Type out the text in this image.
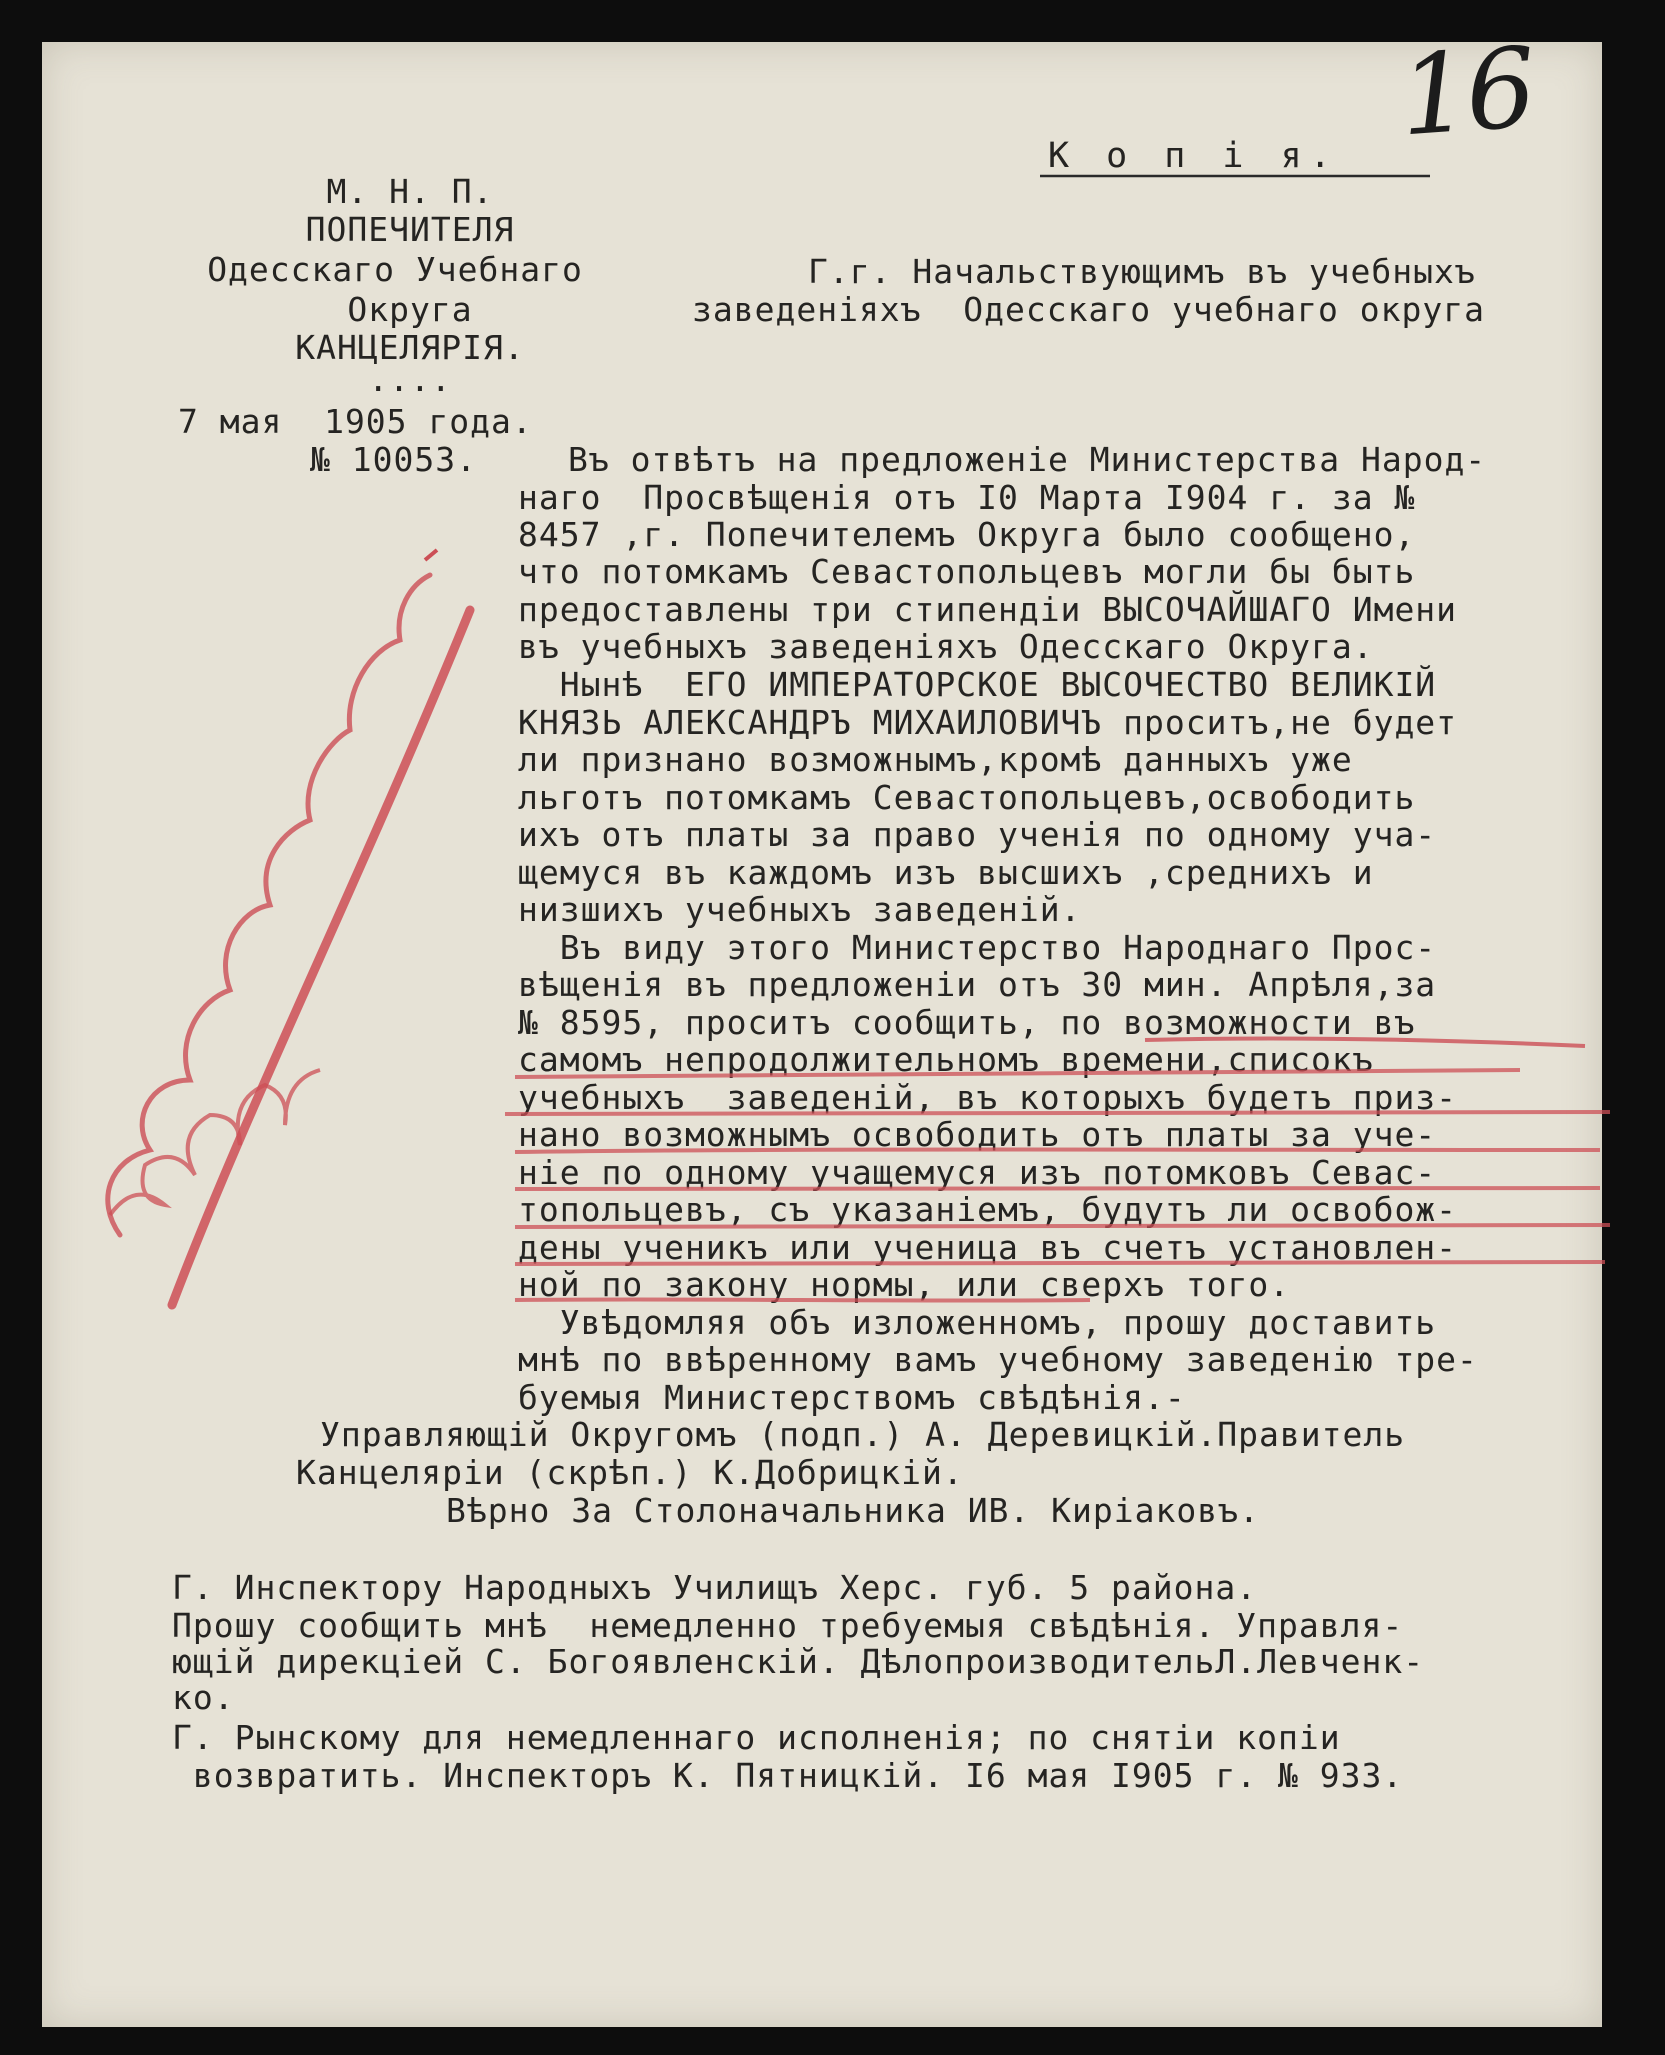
16
К о п і я.
М. Н. П.
ПОПЕЧИТЕЛЯ
Одесскаго Учебнаго
Округа
КАНЦЕЛЯРІЯ.
....
7 мая  1905 года.
№ 10053.
Г.г. Начальствующимъ въ учебныхъ
заведеніяхъ  Одесскаго учебнаго округа
Въ отвѣтъ на предложеніе Министерства Народ-
наго  Просвѣщенія отъ I0 Марта I904 г. за №
8457 ,г. Попечителемъ Округа было сообщено,
что потомкамъ Севастопольцевъ могли бы быть
предоставлены три стипендіи ВЫСОЧАЙШАГО Имени
въ учебныхъ заведеніяхъ Одесскаго Округа.
Нынѣ  ЕГО ИМПЕРАТОРСКОЕ ВЫСОЧЕСТВО ВЕЛИКІЙ
КНЯЗЬ АЛЕКСАНДРЪ МИХАИЛОВИЧЪ проситъ,не будет
ли признано возможнымъ,кромѣ данныхъ уже
льготъ потомкамъ Севастопольцевъ,освободить
ихъ отъ платы за право ученія по одному уча-
щемуся въ каждомъ изъ высшихъ ,среднихъ и
низшихъ учебныхъ заведеній.
Въ виду этого Министерство Народнаго Прос-
вѣщенія въ предложеніи отъ 30 мин. Апрѣля,за
№ 8595, проситъ сообщить, по возможности въ
самомъ непродолжительномъ времени,списокъ
учебныхъ  заведеній, въ которыхъ будетъ приз-
нано возможнымъ освободить отъ платы за уче-
ніе по одному учащемуся изъ потомковъ Севас-
топольцевъ, съ указаніемъ, будутъ ли освобож-
дены ученикъ или ученица въ счетъ установлен-
ной по закону нормы, или сверхъ того.
Увѣдомляя объ изложенномъ, прошу доставить
мнѣ по ввѣренному вамъ учебному заведенію тре-
буемыя Министерствомъ свѣдѣнія.-
Управляющій Округомъ (подп.) А. Деревицкій.Правитель
Канцеляріи (скрѣп.) К.Добрицкій.
Вѣрно За Столоначальника ИВ. Киріаковъ.
Г. Инспектору Народныхъ Училищъ Херс. губ. 5 района.
Прошу сообщить мнѣ  немедленно требуемыя свѣдѣнія. Управля-
ющій дирекціей С. Богоявленскій. ДѣлопроизводительЛ.Левченк-
ко.
Г. Рынскому для немедленнаго исполненія; по снятіи копіи
возвратить. Инспекторъ К. Пятницкій. I6 мая I905 г. № 933.
